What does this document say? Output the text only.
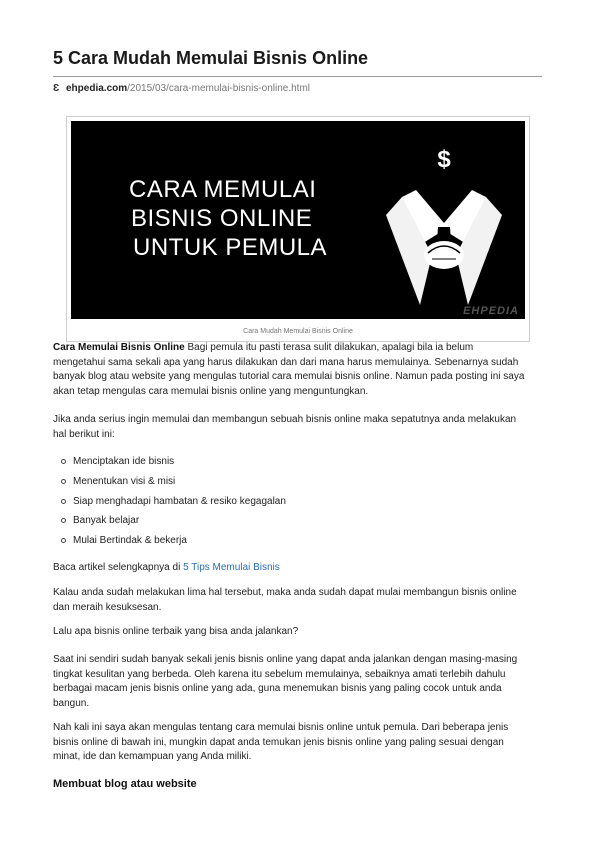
5 Cara Mudah Memulai Bisnis Online
Ɛ ehpedia.com/2015/03/cara-memulai-bisnis-online.html
CARA MEMULAI
BISNIS ONLINE
UNTUK PEMULA
$
EHPEDIA
Cara Mudah Memulai Bisnis Online

Cara Memulai Bisnis Online Bagi pemula itu pasti terasa sulit dilakukan, apalagi bila ia belum mengetahui sama sekali apa yang harus dilakukan dan dari mana harus memulainya. Sebenarnya sudah banyak blog atau website yang mengulas tutorial cara memulai bisnis online. Namun pada posting ini saya akan tetap mengulas cara memulai bisnis online yang menguntungkan.

Jika anda serius ingin memulai dan membangun sebuah bisnis online maka sepatutnya anda melakukan hal berikut ini:

Menciptakan ide bisnis
Menentukan visi & misi
Siap menghadapi hambatan & resiko kegagalan
Banyak belajar
Mulai Bertindak & bekerja

Baca artikel selengkapnya di 5 Tips Memulai Bisnis

Kalau anda sudah melakukan lima hal tersebut, maka anda sudah dapat mulai membangun bisnis online dan meraih kesuksesan.

Lalu apa bisnis online terbaik yang bisa anda jalankan?

Saat ini sendiri sudah banyak sekali jenis bisnis online yang dapat anda jalankan dengan masing-masing tingkat kesulitan yang berbeda. Oleh karena itu sebelum memulainya, sebaiknya amati terlebih dahulu berbagai macam jenis bisnis online yang ada, guna menemukan bisnis yang paling cocok untuk anda bangun.

Nah kali ini saya akan mengulas tentang cara memulai bisnis online untuk pemula. Dari beberapa jenis bisnis online di bawah ini, mungkin dapat anda temukan jenis bisnis online yang paling sesuai dengan minat, ide dan kemampuan yang Anda miliki.

Membuat blog atau website
